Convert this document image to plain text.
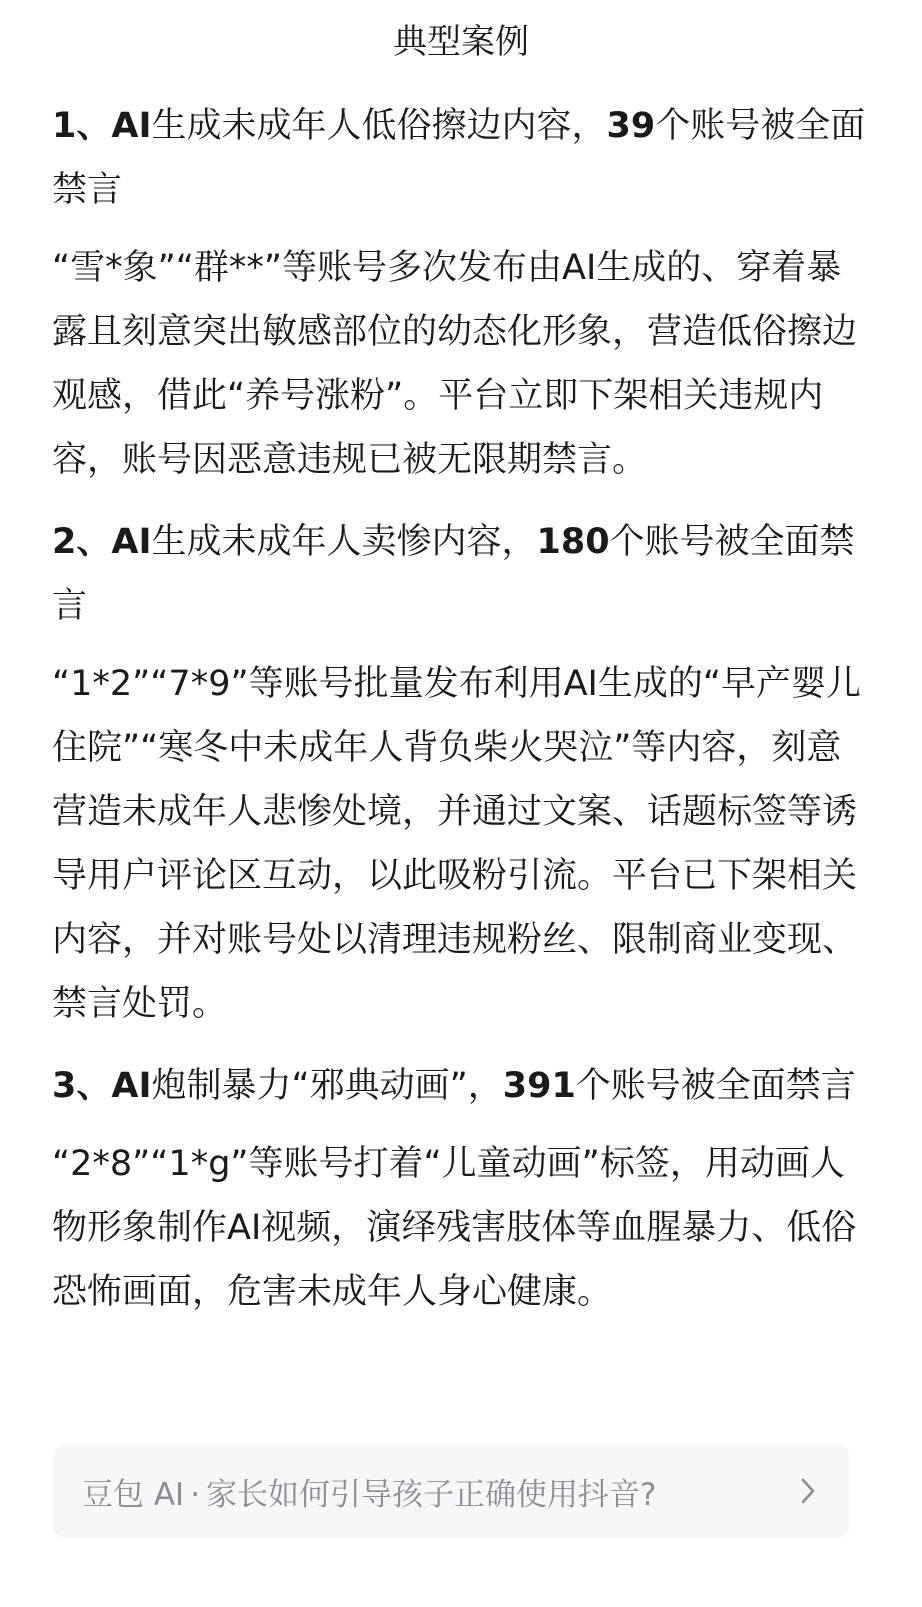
典型案例
1、AI生成未成年人低俗擦边内容，39个账号被全面禁言
“雪*象”“群**”等账号多次发布由AI生成的、穿着暴露且刻意突出敏感部位的幼态化形象，营造低俗擦边观感，借此“养号涨粉”。平台立即下架相关违规内容，账号因恶意违规已被无限期禁言。
2、AI生成未成年人卖惨内容，180个账号被全面禁言
“1*2”“7*9”等账号批量发布利用AI生成的“早产婴儿住院”“寒冬中未成年人背负柴火哭泣”等内容，刻意营造未成年人悲惨处境，并通过文案、话题标签等诱导用户评论区互动，以此吸粉引流。平台已下架相关内容，并对账号处以清理违规粉丝、限制商业变现、禁言处罚。
3、AI炮制暴力“邪典动画”，391个账号被全面禁言
“2*8”“1*g”等账号打着“儿童动画”标签，用动画人物形象制作AI视频，演绎残害肢体等血腥暴力、低俗恐怖画面，危害未成年人身心健康。
豆包 AI · 家长如何引导孩子正确使用抖音?
